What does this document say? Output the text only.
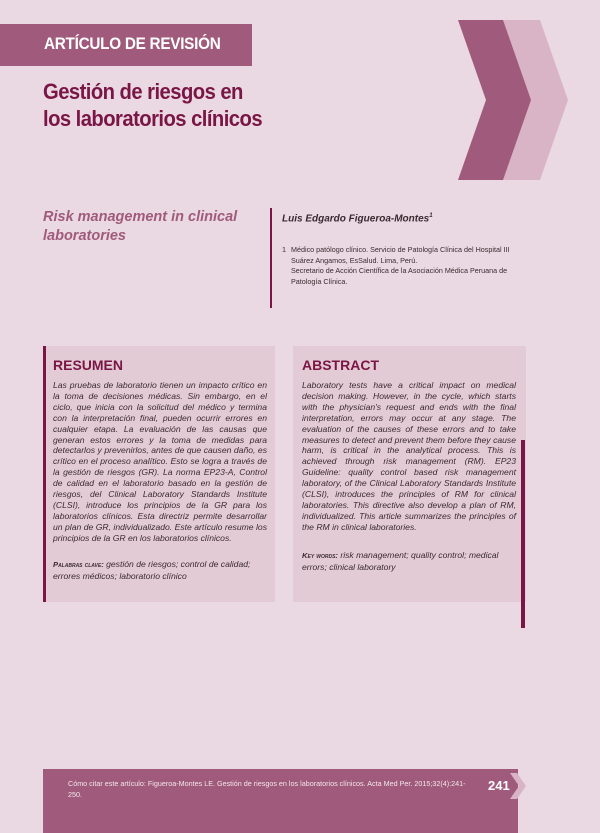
ARTÍCULO DE REVISIÓN
Gestión de riesgos en
los laboratorios clínicos
Risk management in clinical
laboratories
Luis Edgardo Figueroa-Montes$^1$
1 Médico patólogo clínico. Servicio de Patología Clínica del Hospital III
Suárez Angamos, EsSalud. Lima, Perú.
Secretario de Acción Científica de la Asociación Médica Peruana de
Patología Clínica.
RESUMEN
Las pruebas de laboratorio tienen un impacto crítico en la toma de decisiones médicas. Sin embargo, en el ciclo, que inicia con la solicitud del médico y termina con la interpretación final, pueden ocurrir errores en cualquier etapa. La evaluación de las causas que generan estos errores y la toma de medidas para detectarlos y prevenirlos, antes de que causen daño, es crítico en el proceso analítico. Esto se logra a través de la gestión de riesgos (GR). La norma EP23-A, Control de calidad en el laboratorio basado en la gestión de riesgos, del Clinical Laboratory Standards Institute (CLSI), introduce los principios de la GR para los laboratorios clínicos. Esta directriz permite desarrollar un plan de GR, individualizado. Este artículo resume los principios de la GR en los laboratorios clínicos.
Palabras clave: gestión de riesgos; control de calidad; errores médicos; laboratorio clínico
ABSTRACT
Laboratory tests have a critical impact on medical decision making. However, in the cycle, which starts with the physician's request and ends with the final interpretation, errors may occur at any stage. The evaluation of the causes of these errors and to take measures to detect and prevent them before they cause harm, is critical in the analytical process. This is achieved through risk management (RM). EP23 Guideline: quality control based risk management laboratory, of the Clinical Laboratory Standards Institute (CLSI), introduces the principles of RM for clinical laboratories. This directive also develop a plan of RM, individualized. This article summarizes the principles of the RM in clinical laboratories.
Key words: risk management; quality control; medical errors; clinical laboratory
Cómo citar este artículo: Figueroa-Montes LE. Gestión de riesgos en los laboratorios clínicos. Acta Med Per. 2015;32(4):241-
250.
241
